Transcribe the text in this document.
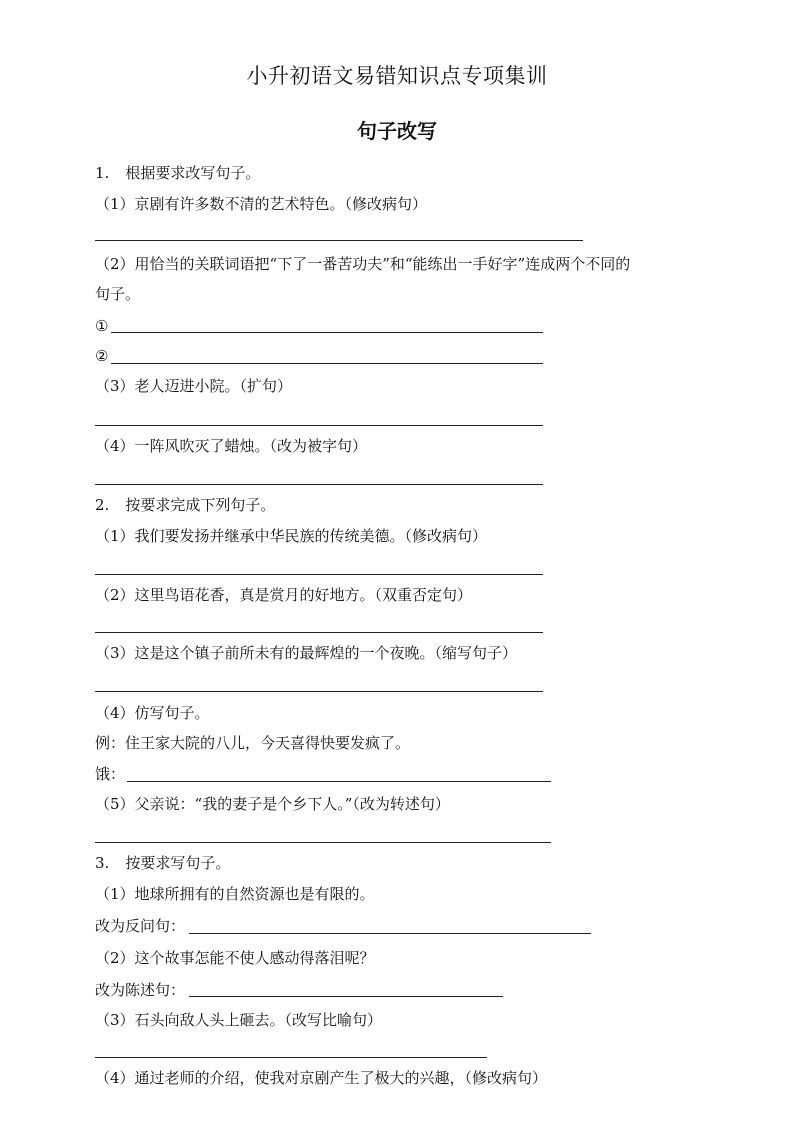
小升初语文易错知识点专项集训
句子改写
1. 根据要求改写句子。
（1）京剧有许多数不清的艺术特色。（修改病句）
（2）用恰当的关联词语把“下了一番苦功夫”和“能练出一手好字”连成两个不同的
句子。
①
②
（3）老人迈进小院。（扩句）
（4）一阵风吹灭了蜡烛。（改为被字句）
2. 按要求完成下列句子。
（1）我们要发扬并继承中华民族的传统美德。（修改病句）
（2）这里鸟语花香，真是赏月的好地方。（双重否定句）
（3）这是这个镇子前所未有的最辉煌的一个夜晚。（缩写句子）
（4）仿写句子。
例：住王家大院的八儿，今天喜得快要发疯了。
饿：
（5）父亲说：“我的妻子是个乡下人。”（改为转述句）
3. 按要求写句子。
（1）地球所拥有的自然资源也是有限的。
改为反问句：
（2）这个故事怎能不使人感动得落泪呢？
改为陈述句：
（3）石头向敌人头上砸去。（改写比喻句）
（4）通过老师的介绍，使我对京剧产生了极大的兴趣，（修改病句）
